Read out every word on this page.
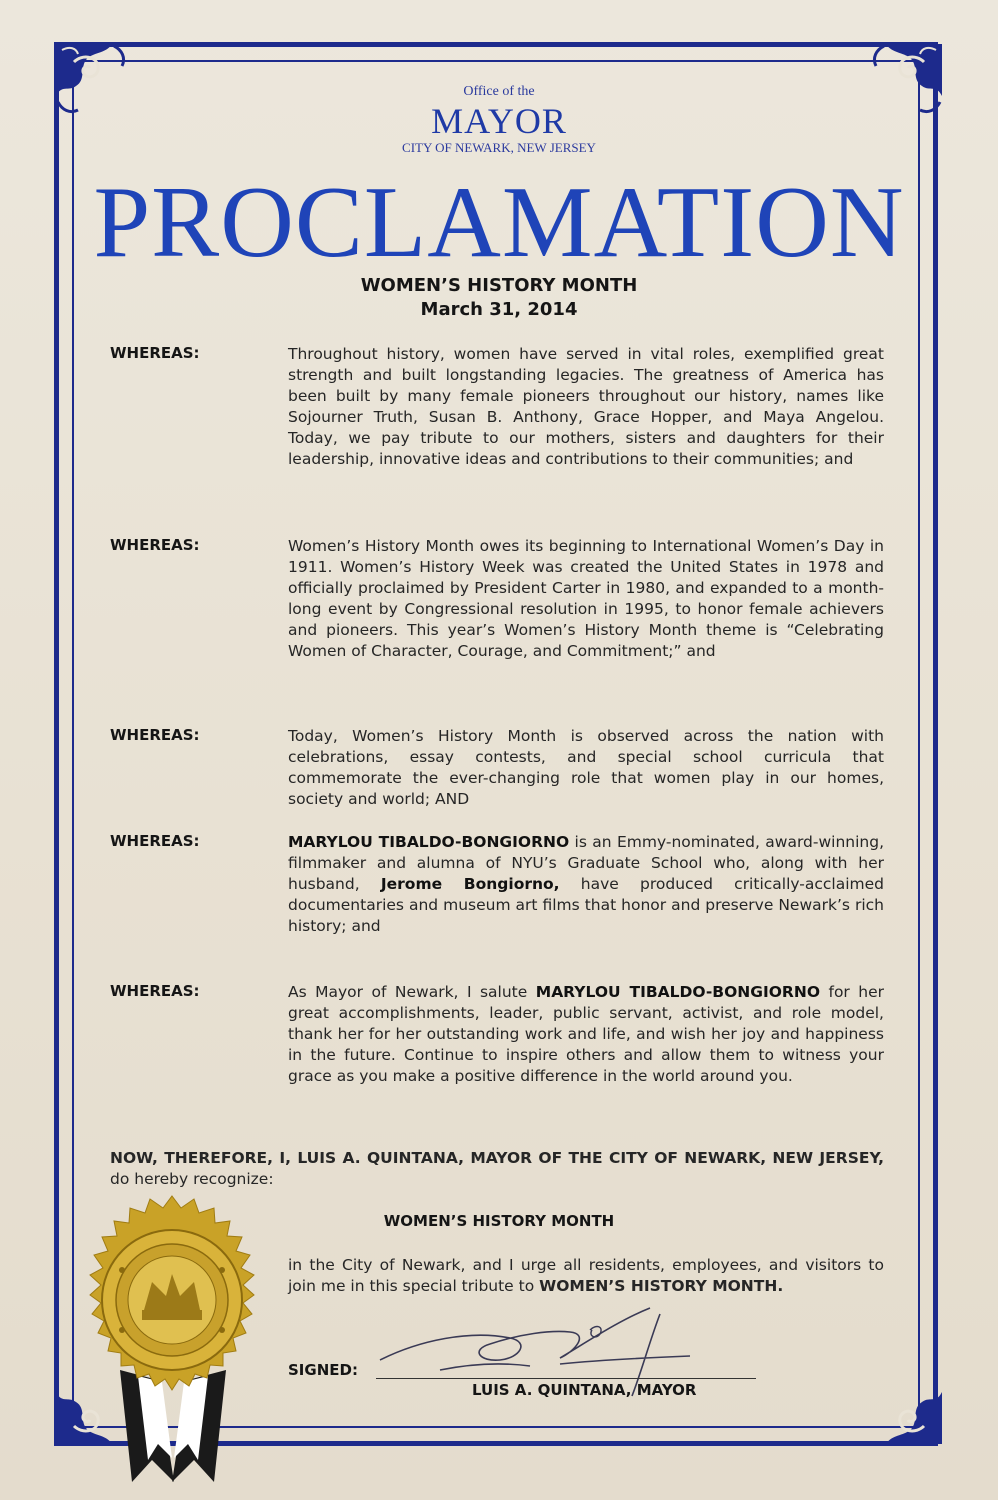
Office of the
MAYOR
CITY OF NEWARK, NEW JERSEY
PROCLAMATION
WOMEN’S HISTORY MONTH
March 31, 2014
WHEREAS:	Throughout history, women have served in vital roles, exemplified great strength and built longstanding legacies. The greatness of America has been built by many female pioneers throughout our history, names like Sojourner Truth, Susan B. Anthony, Grace Hopper, and Maya Angelou. Today, we pay tribute to our mothers, sisters and daughters for their leadership, innovative ideas and contributions to their communities; and
WHEREAS:	Women’s History Month owes its beginning to International Women’s Day in 1911. Women’s History Week was created the United States in 1978 and officially proclaimed by President Carter in 1980, and expanded to a month-long event by Congressional resolution in 1995, to honor female achievers and pioneers. This year’s Women’s History Month theme is “Celebrating Women of Character, Courage, and Commitment;” and
WHEREAS:	Today, Women’s History Month is observed across the nation with celebrations, essay contests, and special school curricula that commemorate the ever-changing role that women play in our homes, society and world; AND
WHEREAS:	MARYLOU TIBALDO-BONGIORNO is an Emmy-nominated, award-winning, filmmaker and alumna of NYU’s Graduate School who, along with her husband, Jerome Bongiorno, have produced critically-acclaimed documentaries and museum art films that honor and preserve Newark’s rich history; and
WHEREAS:	As Mayor of Newark, I salute MARYLOU TIBALDO-BONGIORNO for her great accomplishments, leader, public servant, activist, and role model, thank her for her outstanding work and life, and wish her joy and happiness in the future. Continue to inspire others and allow them to witness your grace as you make a positive difference in the world around you.
NOW, THEREFORE, I, LUIS A. QUINTANA, MAYOR OF THE CITY OF NEWARK, NEW JERSEY, do hereby recognize:
WOMEN’S HISTORY MONTH
in the City of Newark, and I urge all residents, employees, and visitors to join me in this special tribute to WOMEN’S HISTORY MONTH.
SIGNED:
LUIS A. QUINTANA, MAYOR
